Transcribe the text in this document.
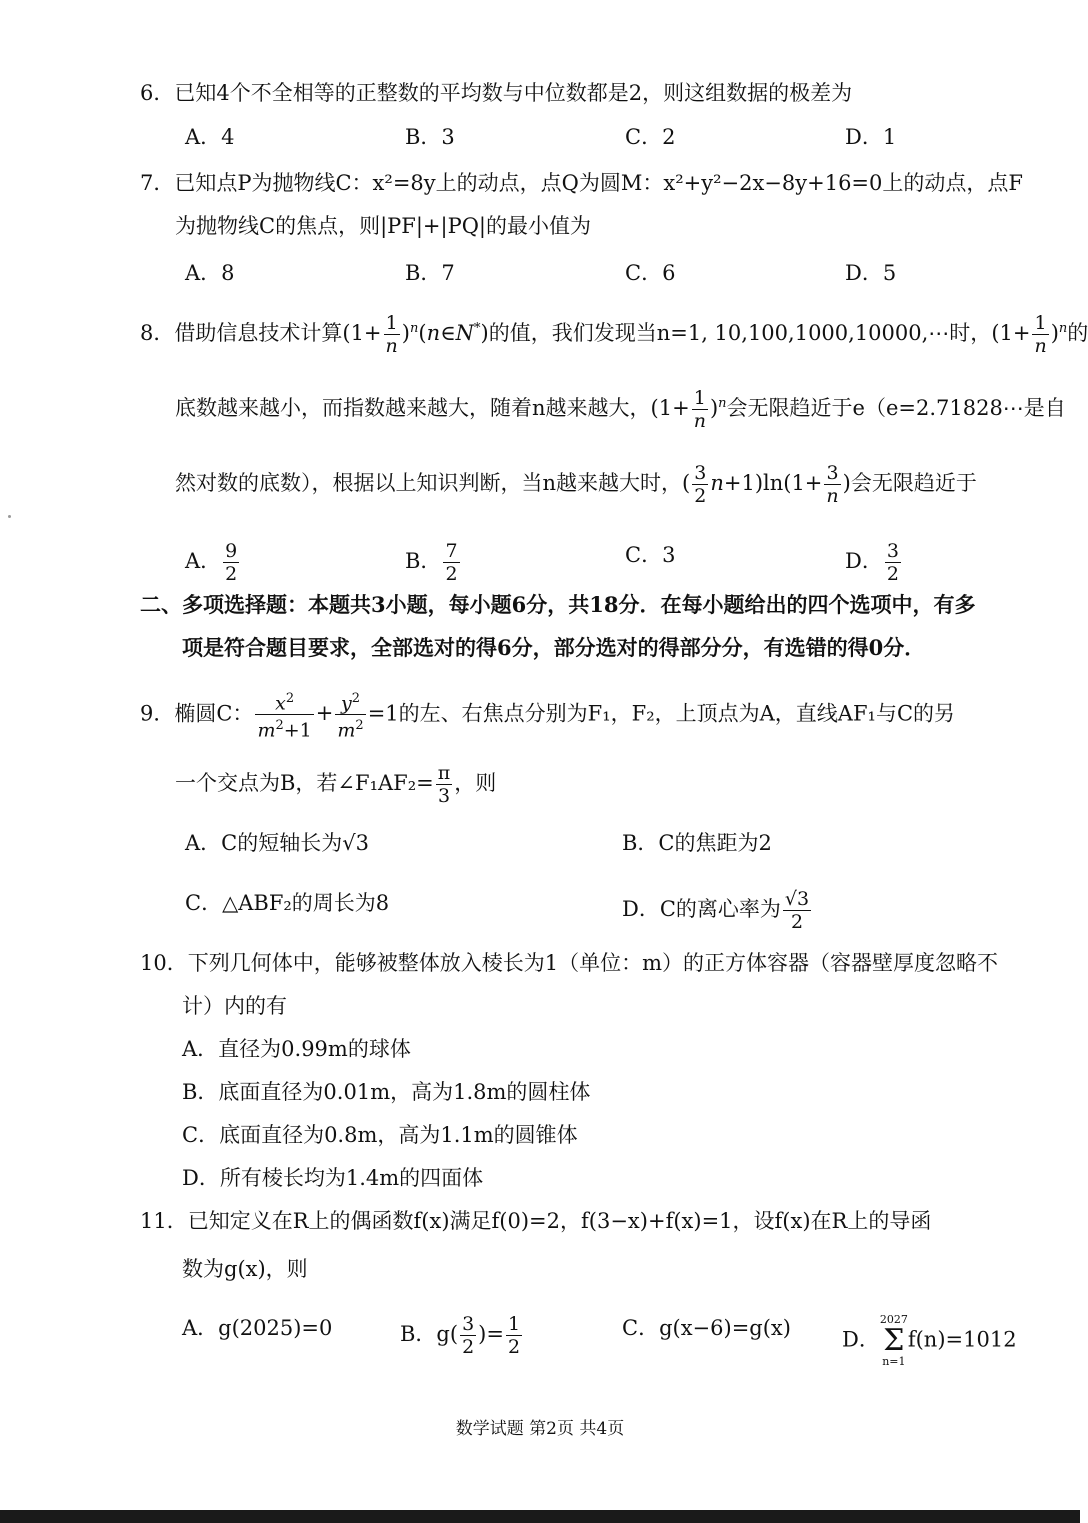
6．已知4个不全相等的正整数的平均数与中位数都是2，则这组数据的极差为
A．4	B．3	C．2	D．1
7．已知点P为抛物线C：x²=8y上的动点，点Q为圆M：x²+y²−2x−8y+16=0上的动点，点F
为抛物线C的焦点，则|PF|+|PQ|的最小值为
A．8	B．7	C．6	D．5
8．借助信息技术计算($1+ \frac{1}{n}$ )$^n(n\in N^*)$的值，我们发现当n=1, 10,100,1000,10000,⋯时，$(1+ \frac{1}{n} )^n$的
底数越来越小，而指数越来越大，随着n越来越大，$(1+ \frac{1}{n} )^n$会无限趋近于e（e=2.71828⋯是自
然对数的底数），根据以上知识判断，当n越来越大时，( $\frac{3}{2} n+1)\ln(1+ \frac{3}{n}$ )会无限趋近于
A． $\frac{9}{2}$	B． $\frac{7}{2}$	C．3	D． $\frac{3}{2}$
二、多项选择题：本题共3小题，每小题6分，共18分．在每小题给出的四个选项中，有多
项是符合题目要求，全部选对的得6分，部分选对的得部分分，有选错的得0分．
9．椭圆C： $\frac{x^2}{m^2+1} + \frac{y^2}{m^2} =1$的左、右焦点分别为F₁，F₂，上顶点为A，直线AF₁与C的另
一个交点为B，若∠F₁AF₂= $\frac{\pi}{3}$ ，则
A．C的短轴长为√3	B．C的焦距为2
C．△ABF₂的周长为8	D．C的离心率为 $\frac{√3}{2}$
10．下列几何体中，能够被整体放入棱长为1（单位：m）的正方体容器（容器壁厚度忽略不
计）内的有
A．直径为0.99m的球体
B．底面直径为0.01m，高为1.8m的圆柱体
C．底面直径为0.8m，高为1.1m的圆锥体
D．所有棱长均为1.4m的四面体
11．已知定义在R上的偶函数f(x)满足f(0)=2，f(3−x)+f(x)=1，设f(x)在R上的导函
数为g(x)，则
A．g(2025)=0	B．$g( \frac{3}{2}$ )= $\frac{1}{2}$	C．g(x−6)=g(x) D．
2027
Σ
n=1
f(n)=1012
数学试题 第2页 共4页
